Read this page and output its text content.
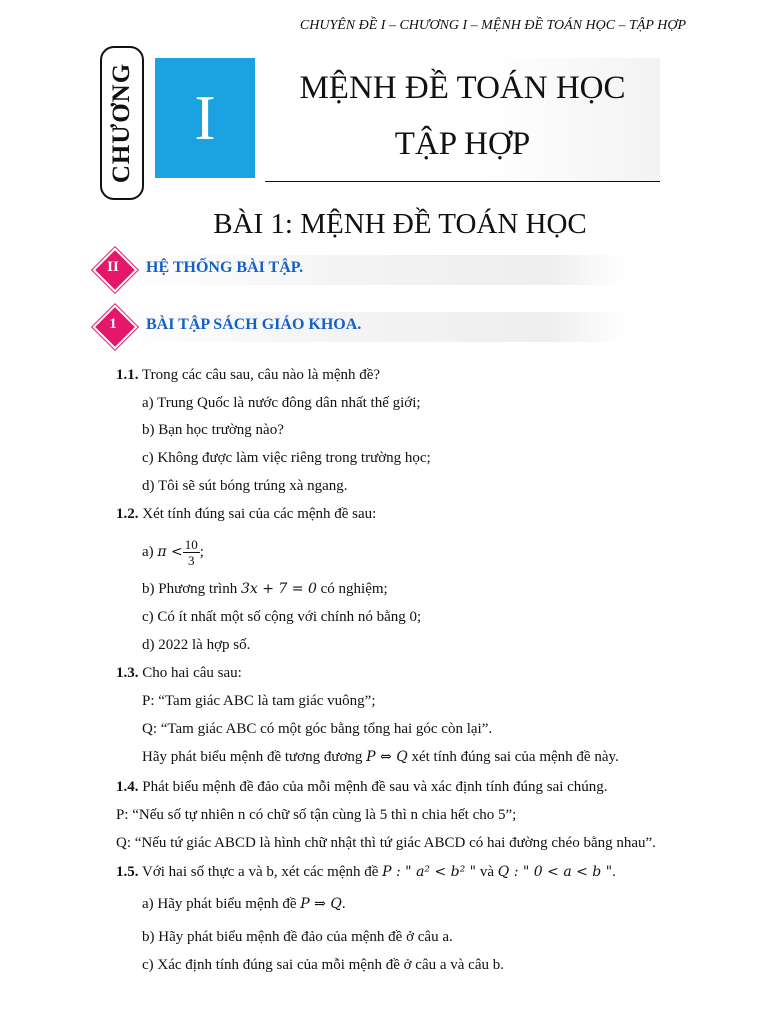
CHUYÊN ĐỀ I – CHƯƠNG I – MỆNH ĐỀ TOÁN HỌC – TẬP HỢP
CHƯƠNG I	MỆNH ĐỀ TOÁN HỌC
TẬP HỢP
BÀI 1: MỆNH ĐỀ TOÁN HỌC
II	HỆ THỐNG BÀI TẬP.
1	BÀI TẬP SÁCH GIÁO KHOA.
1.1. Trong các câu sau, câu nào là mệnh đề?
a) Trung Quốc là nước đông dân nhất thế giới;
b) Bạn học trường nào?
c) Không được làm việc riêng trong trường học;
d) Tôi sẽ sút bóng trúng xà ngang.
1.2. Xét tính đúng sai của các mệnh đề sau:
a) $\pi < \frac{10}{3}$ ;
b) Phương trình 3x + 7 = 0 có nghiệm;
c) Có ít nhất một số cộng với chính nó bằng 0;
d) 2022 là hợp số.
1.3. Cho hai câu sau:
P: “Tam giác ABC là tam giác vuông”;
Q: “Tam giác ABC có một góc bằng tổng hai góc còn lại”.
Hãy phát biểu mệnh đề tương đương P ⇔ Q xét tính đúng sai của mệnh đề này.
1.4. Phát biểu mệnh đề đảo của mỗi mệnh đề sau và xác định tính đúng sai chúng.
P: “Nếu số tự nhiên n có chữ số tận cùng là 5 thì n chia hết cho 5”;
Q: “Nếu tứ giác ABCD là hình chữ nhật thì tứ giác ABCD có hai đường chéo bằng nhau”.
1.5. Với hai số thực a và b, xét các mệnh đề P : " a² < b² " và Q : " 0 < a < b ".
a) Hãy phát biểu mệnh đề P ⇒ Q.
b) Hãy phát biểu mệnh đề đảo của mệnh đề ở câu a.
c) Xác định tính đúng sai của mỗi mệnh đề ở câu a và câu b.
